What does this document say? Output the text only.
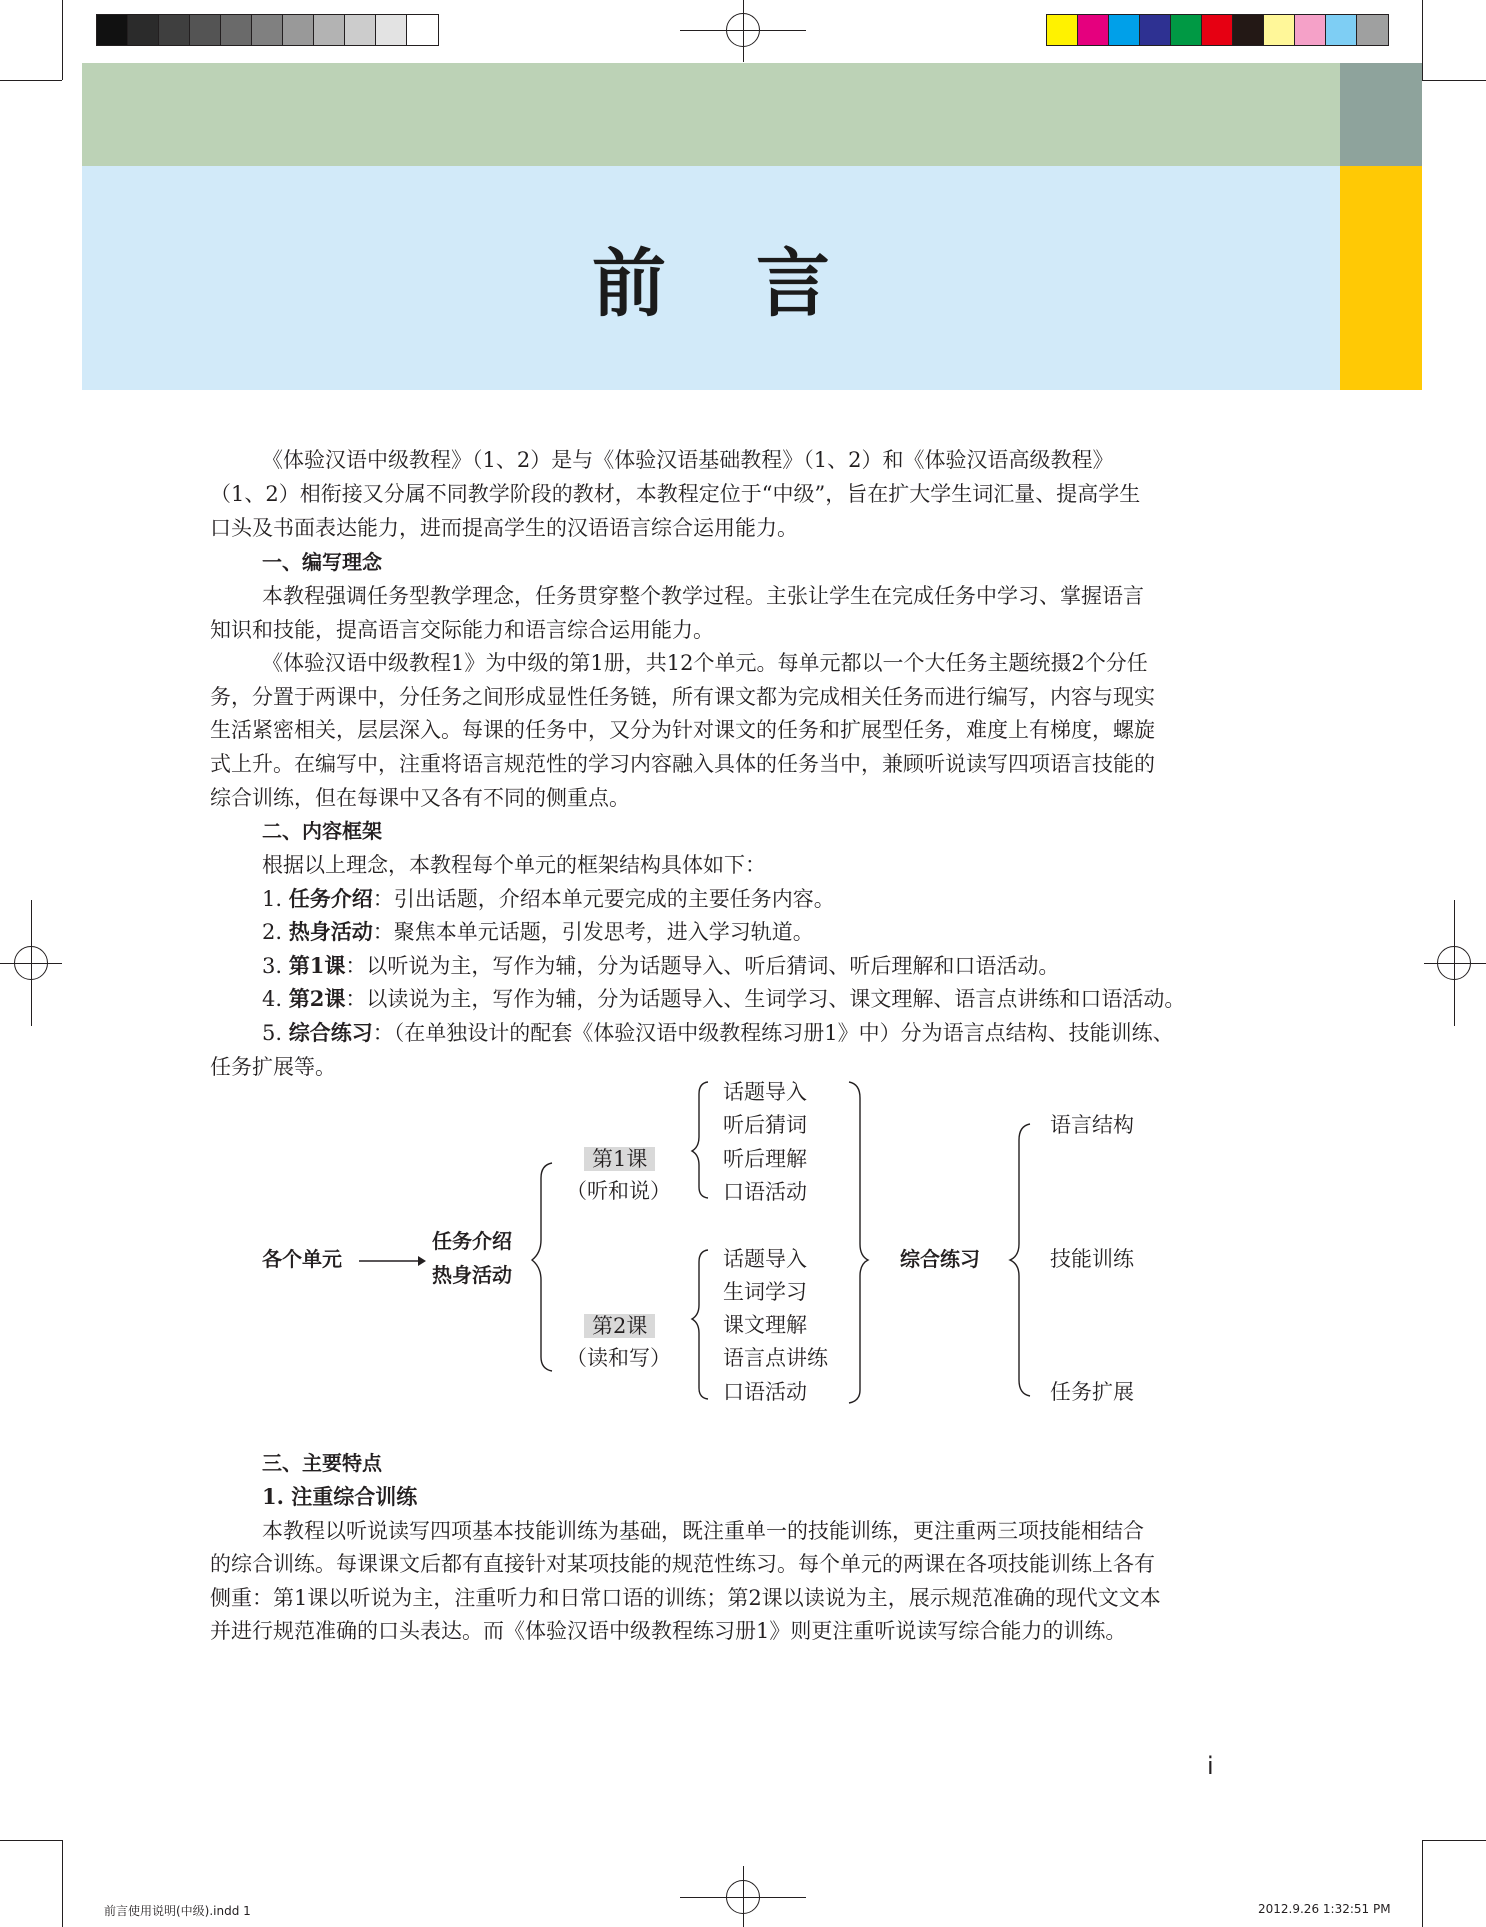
前言
《体验汉语中级教程》（1、2）是与《体验汉语基础教程》（1、2）和《体验汉语高级教程》
（1、2）相衔接又分属不同教学阶段的教材，本教程定位于“中级”，旨在扩大学生词汇量、提高学生
口头及书面表达能力，进而提高学生的汉语语言综合运用能力。
一、编写理念
本教程强调任务型教学理念，任务贯穿整个教学过程。主张让学生在完成任务中学习、掌握语言
知识和技能，提高语言交际能力和语言综合运用能力。
《体验汉语中级教程1》为中级的第1册，共12个单元。每单元都以一个大任务主题统摄2个分任
务，分置于两课中，分任务之间形成显性任务链，所有课文都为完成相关任务而进行编写，内容与现实
生活紧密相关，层层深入。每课的任务中，又分为针对课文的任务和扩展型任务，难度上有梯度，螺旋
式上升。在编写中，注重将语言规范性的学习内容融入具体的任务当中，兼顾听说读写四项语言技能的
综合训练，但在每课中又各有不同的侧重点。
二、内容框架
根据以上理念，本教程每个单元的框架结构具体如下：
1. 任务介绍：引出话题，介绍本单元要完成的主要任务内容。
2. 热身活动：聚焦本单元话题，引发思考，进入学习轨道。
3. 第1课：以听说为主，写作为辅，分为话题导入、听后猜词、听后理解和口语活动。
4. 第2课：以读说为主，写作为辅，分为话题导入、生词学习、课文理解、语言点讲练和口语活动。
5. 综合练习：（在单独设计的配套《体验汉语中级教程练习册1》中）分为语言点结构、技能训练、
任务扩展等。
各个单元
任务介绍
热身活动
第1课
（听和说）
话题导入
听后猜词
听后理解
口语活动
第2课
（读和写）
话题导入
生词学习
课文理解
语言点讲练
口语活动
综合练习
语言结构
技能训练
任务扩展
三、主要特点
1. 注重综合训练
本教程以听说读写四项基本技能训练为基础，既注重单一的技能训练，更注重两三项技能相结合
的综合训练。每课课文后都有直接针对某项技能的规范性练习。每个单元的两课在各项技能训练上各有
侧重：第1课以听说为主，注重听力和日常口语的训练；第2课以读说为主，展示规范准确的现代文文本
并进行规范准确的口头表达。而《体验汉语中级教程练习册1》则更注重听说读写综合能力的训练。
i
前言使用说明(中级).indd 1	2012.9.26 1:32:51 PM
